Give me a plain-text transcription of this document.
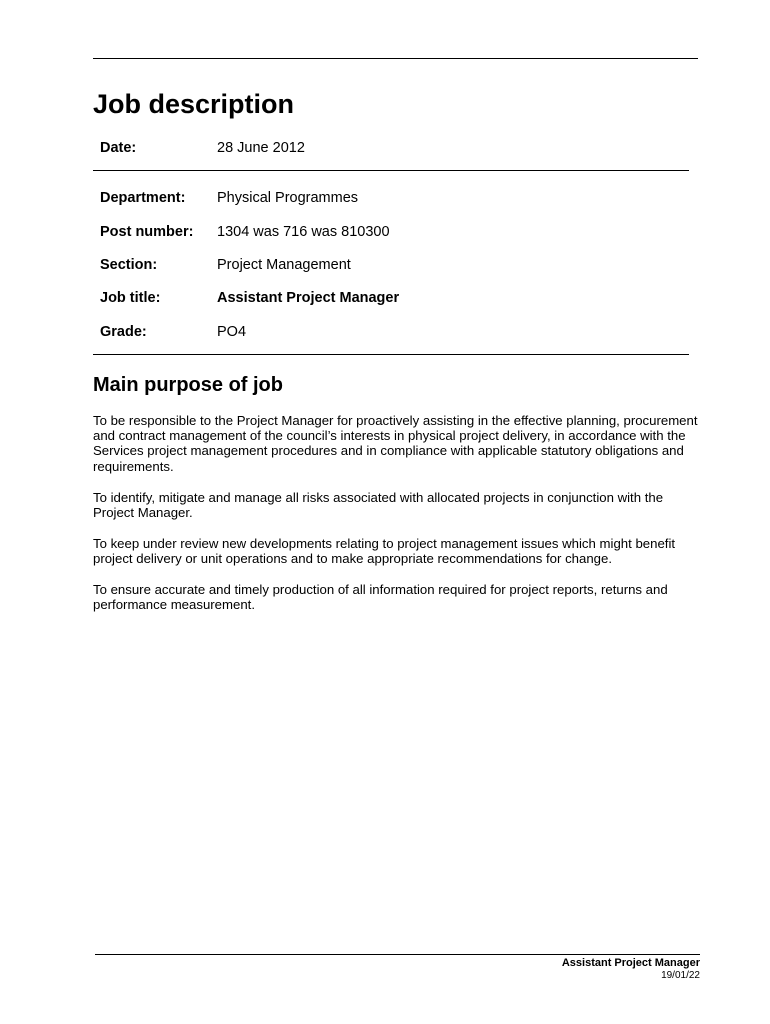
Job description
Date:	28 June 2012
Department: Physical Programmes
Post number: 1304 was 716 was 810300
Section:	Project Management
Job title:	Assistant Project Manager
Grade:	PO4
Main purpose of job

To be responsible to the Project Manager for proactively assisting in the effective planning, procurement and contract management of the council’s interests in physical project delivery, in accordance with the Services project management procedures and in compliance with applicable statutory obligations and requirements.

To identify, mitigate and manage all risks associated with allocated projects in conjunction with the Project Manager.

To keep under review new developments relating to project management issues which might benefit project delivery or unit operations and to make appropriate recommendations for change.

To ensure accurate and timely production of all information required for project reports, returns and performance measurement.

Assistant Project Manager
19/01/22
